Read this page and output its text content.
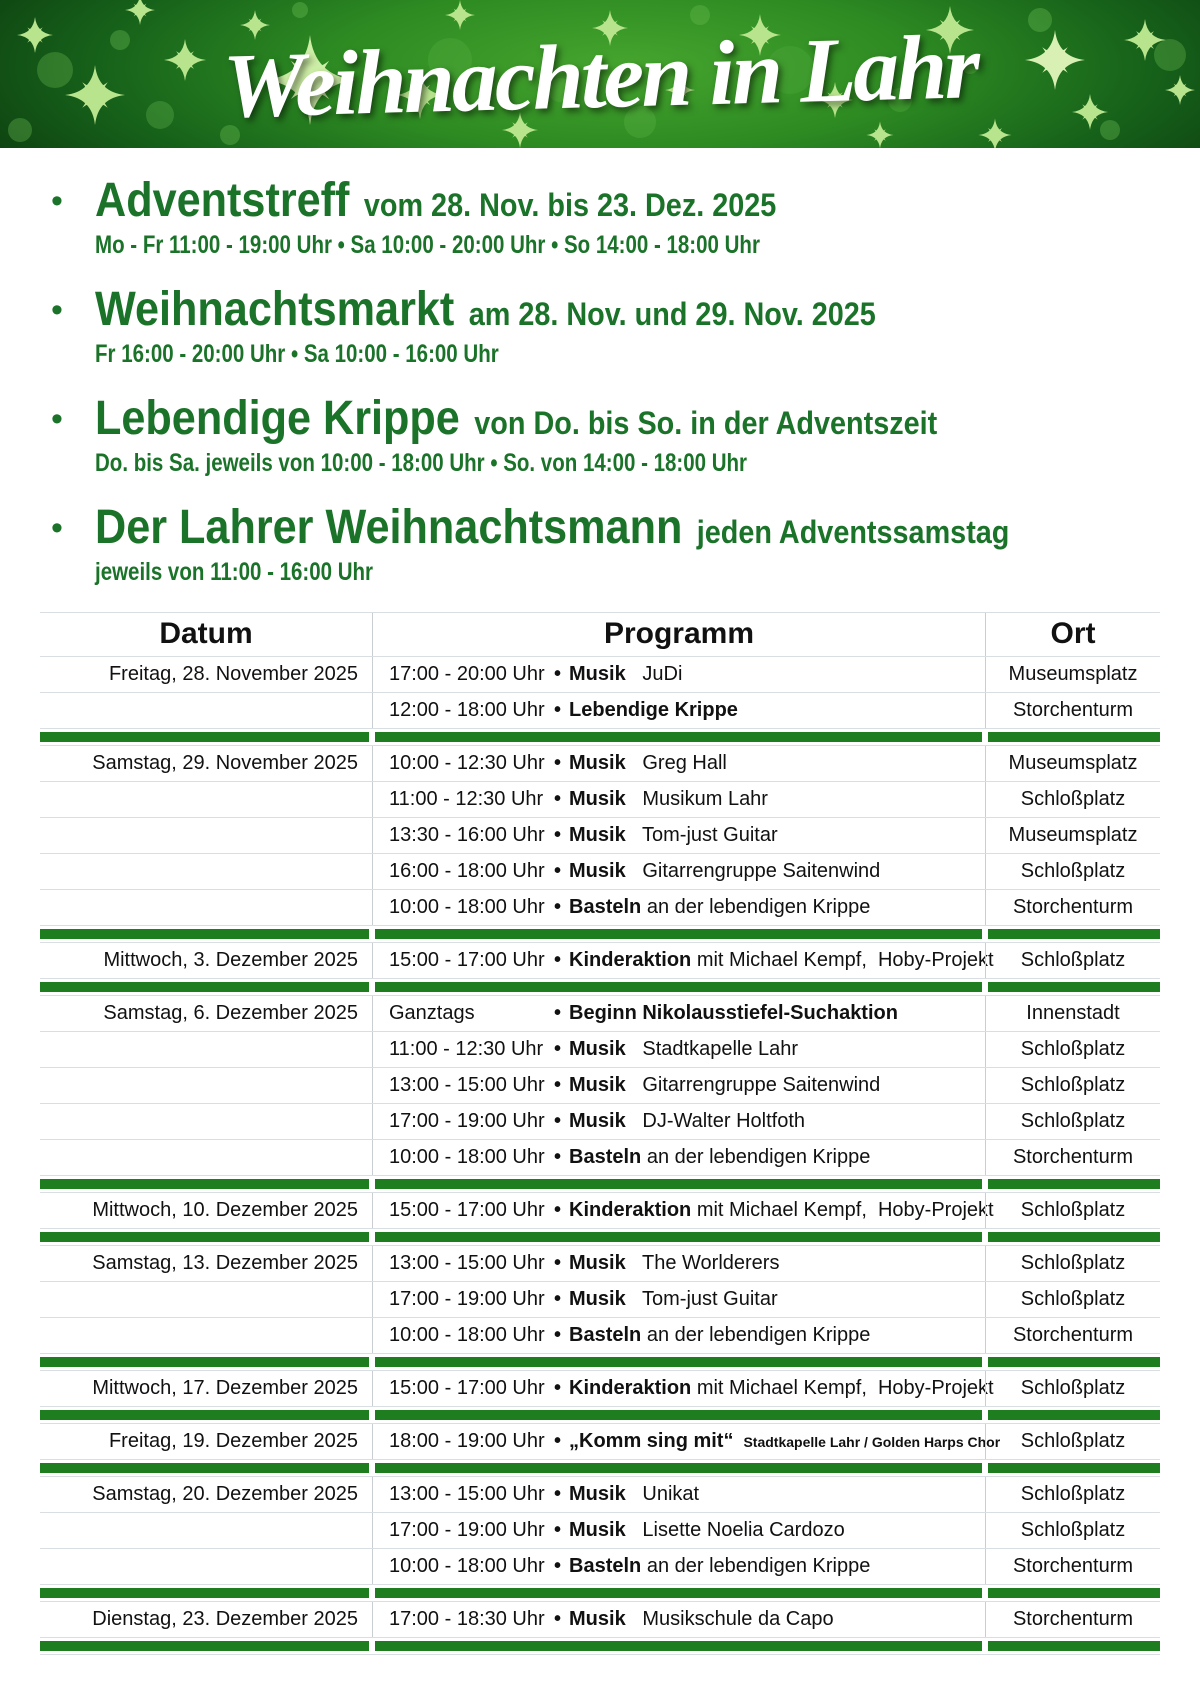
Weihnachten in Lahr
• Adventstreff vom 28. Nov. bis 23. Dez. 2025
Mo - Fr 11:00 - 19:00 Uhr • Sa 10:00 - 20:00 Uhr • So 14:00 - 18:00 Uhr
• Weihnachtsmarkt am 28. Nov. und 29. Nov. 2025
Fr 16:00 - 20:00 Uhr • Sa 10:00 - 16:00 Uhr
• Lebendige Krippe von Do. bis So. in der Adventszeit
Do. bis Sa. jeweils von 10:00 - 18:00 Uhr • So. von 14:00 - 18:00 Uhr
• Der Lahrer Weihnachtsmann jeden Adventssamstag
jeweils von 11:00 - 16:00 Uhr
Datum	Programm	Ort
Freitag, 28. November 2025	17:00 - 20:00 Uhr • Musik   JuDi	Museumsplatz
12:00 - 18:00 Uhr • Lebendige Krippe	Storchenturm
Samstag, 29. November 2025	10:00 - 12:30 Uhr • Musik   Greg Hall	Museumsplatz
11:00 - 12:30 Uhr • Musik   Musikum Lahr	Schloßplatz
13:30 - 16:00 Uhr • Musik   Tom-just Guitar	Museumsplatz
16:00 - 18:00 Uhr • Musik   Gitarrengruppe Saitenwind	Schloßplatz
10:00 - 18:00 Uhr • Basteln an der lebendigen Krippe	Storchenturm
Mittwoch, 3. Dezember 2025	15:00 - 17:00 Uhr • Kinderaktion mit Michael Kempf,  Hoby-Projekt	Schloßplatz
Samstag, 6. Dezember 2025	Ganztags	• Beginn Nikolausstiefel-Suchaktion	Innenstadt
11:00 - 12:30 Uhr • Musik   Stadtkapelle Lahr	Schloßplatz
13:00 - 15:00 Uhr • Musik   Gitarrengruppe Saitenwind	Schloßplatz
17:00 - 19:00 Uhr • Musik   DJ-Walter Holtfoth	Schloßplatz
10:00 - 18:00 Uhr • Basteln an der lebendigen Krippe	Storchenturm
Mittwoch, 10. Dezember 2025	15:00 - 17:00 Uhr • Kinderaktion mit Michael Kempf,  Hoby-Projekt	Schloßplatz
Samstag, 13. Dezember 2025	13:00 - 15:00 Uhr • Musik   The Worlderers	Schloßplatz
17:00 - 19:00 Uhr • Musik   Tom-just Guitar	Schloßplatz
10:00 - 18:00 Uhr • Basteln an der lebendigen Krippe	Storchenturm
Mittwoch, 17. Dezember 2025	15:00 - 17:00 Uhr • Kinderaktion mit Michael Kempf,  Hoby-Projekt	Schloßplatz
Freitag, 19. Dezember 2025	18:00 - 19:00 Uhr • „Komm sing mit“ Stadtkapelle Lahr / Golden Harps Chor	Schloßplatz
Samstag, 20. Dezember 2025	13:00 - 15:00 Uhr • Musik   Unikat	Schloßplatz
17:00 - 19:00 Uhr • Musik   Lisette Noelia Cardozo	Schloßplatz
10:00 - 18:00 Uhr • Basteln an der lebendigen Krippe	Storchenturm
Dienstag, 23. Dezember 2025	17:00 - 18:30 Uhr • Musik   Musikschule da Capo	Storchenturm
